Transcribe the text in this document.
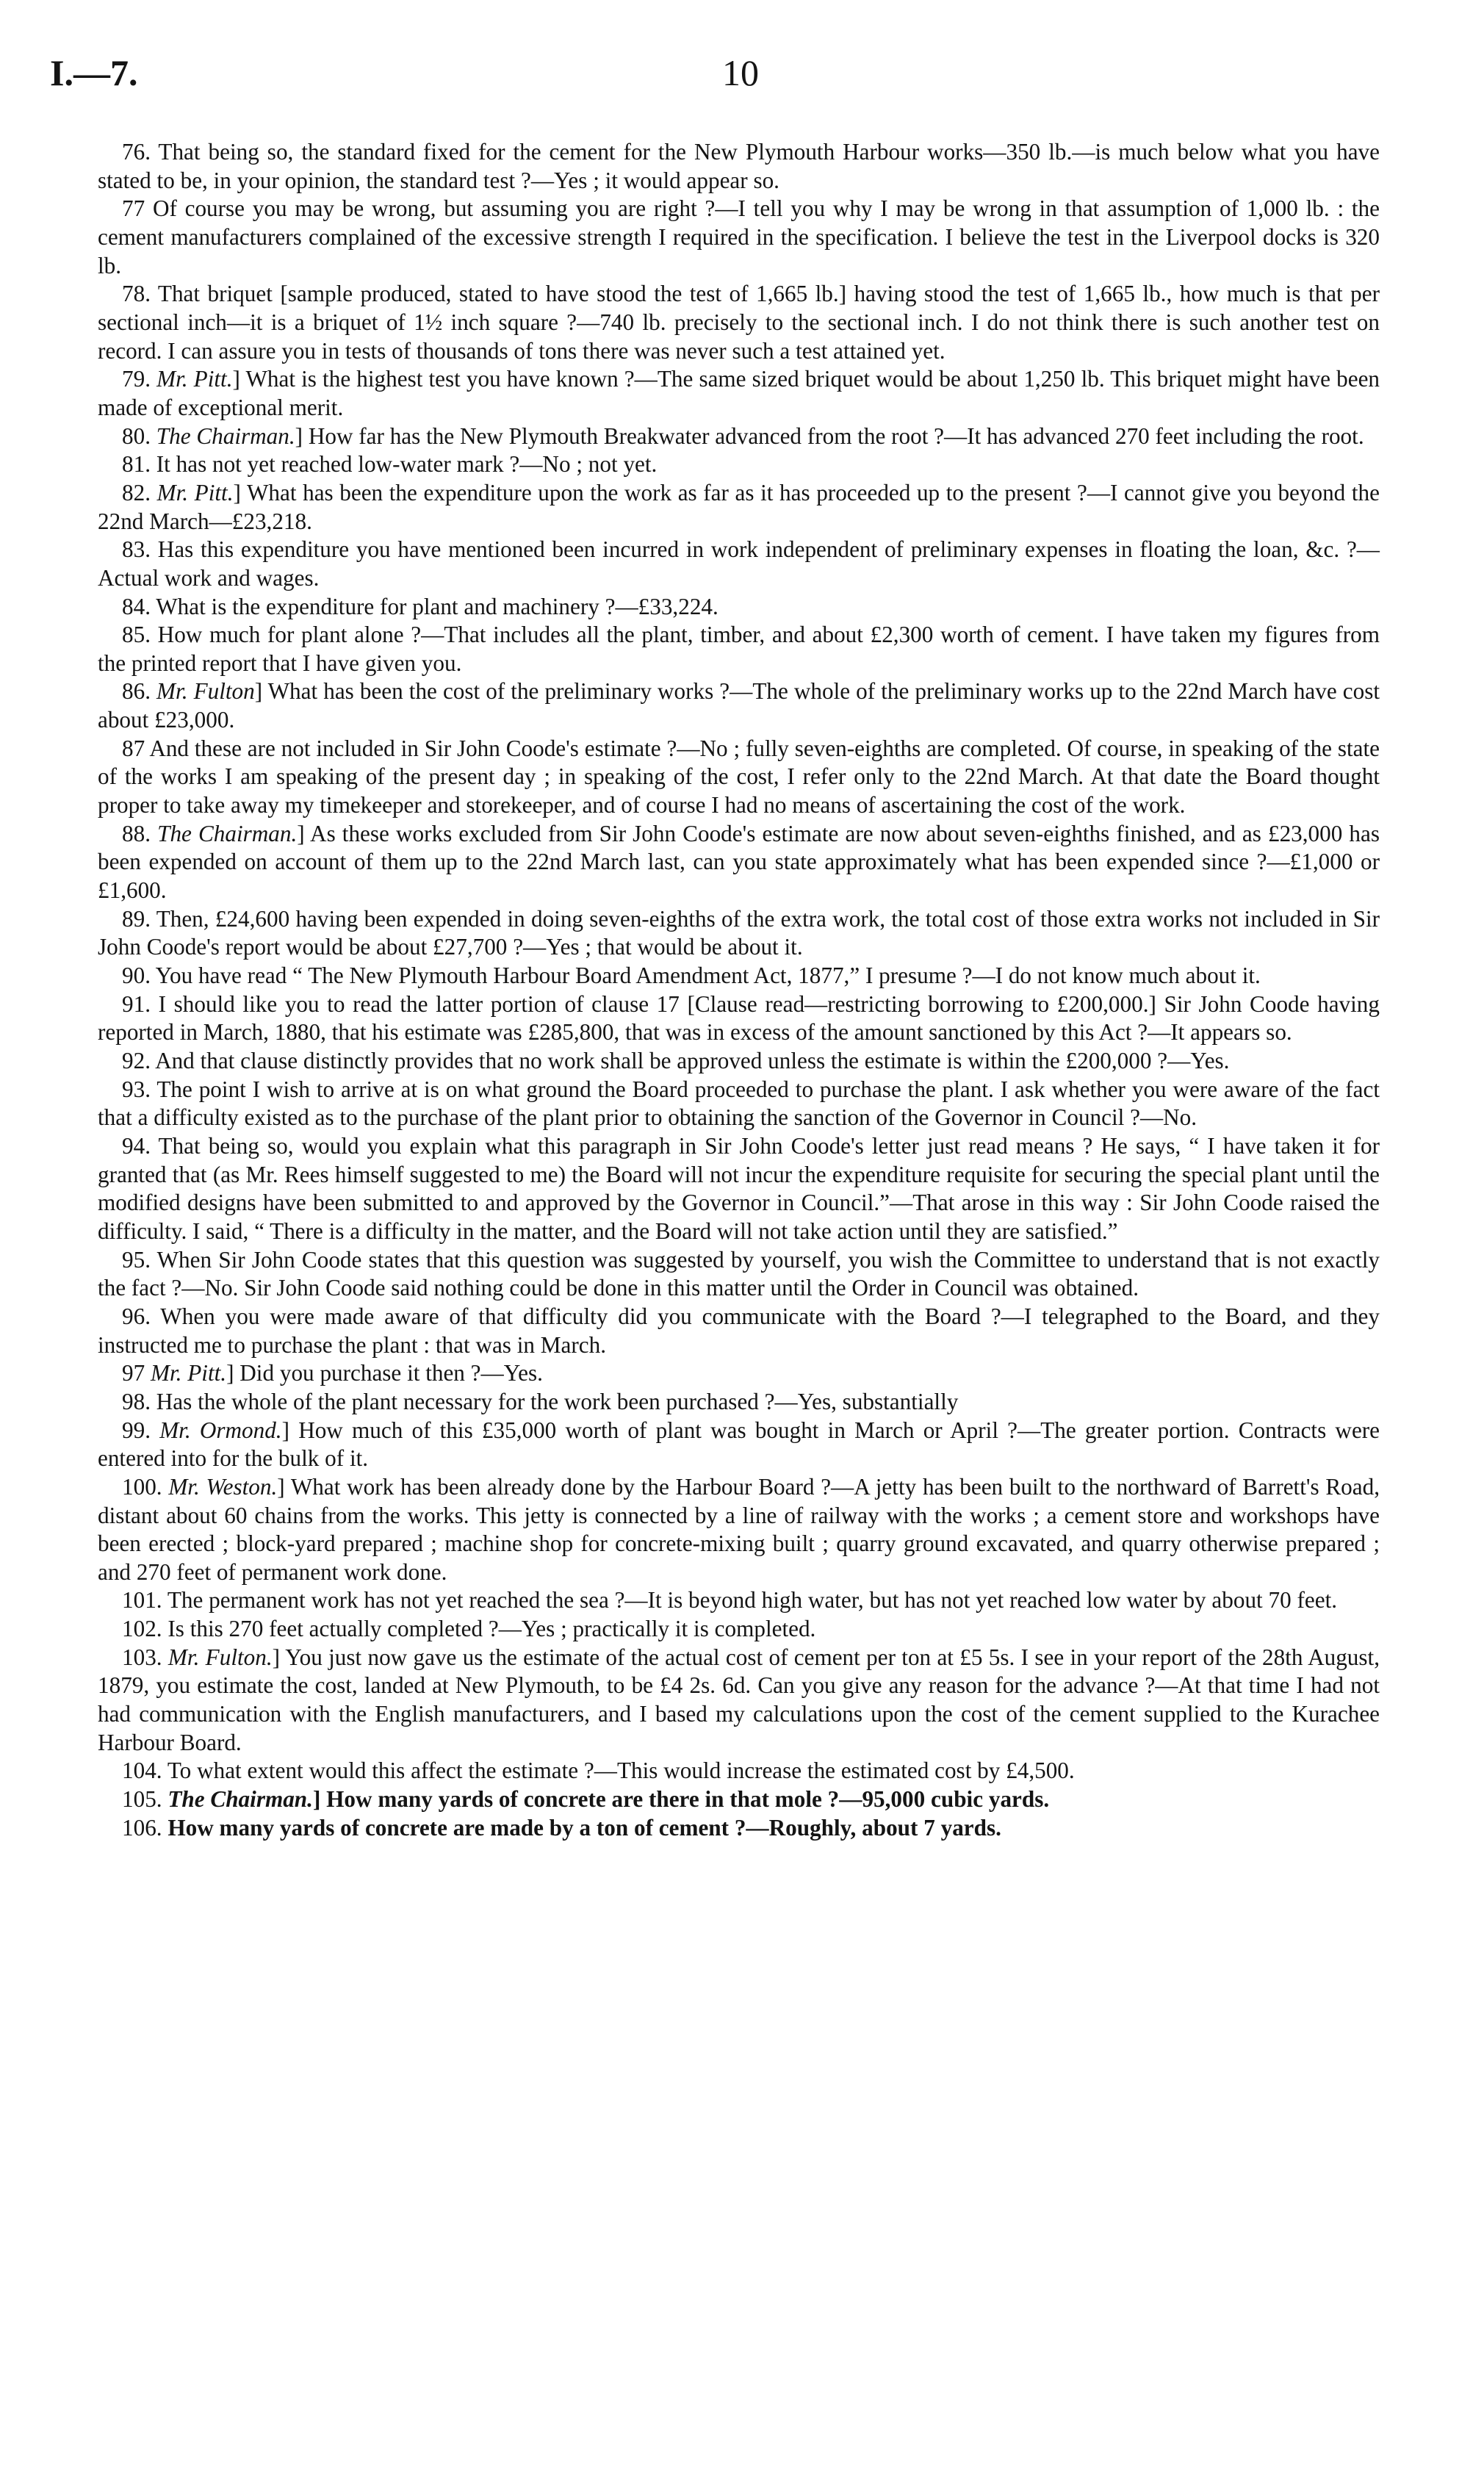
I.—7.	10

76. That being so, the standard fixed for the cement for the New Plymouth Harbour works—350 lb.—is much below what you have stated to be, in your opinion, the standard test ?—Yes ; it would appear so.

77 Of course you may be wrong, but assuming you are right ?—I tell you why I may be wrong in that assumption of 1,000 lb. : the cement manufacturers complained of the excessive strength I required in the specification. I believe the test in the Liverpool docks is 320 lb.

78. That briquet [sample produced, stated to have stood the test of 1,665 lb.] having stood the test of 1,665 lb., how much is that per sectional inch—it is a briquet of 1½ inch square ?—740 lb. precisely to the sectional inch. I do not think there is such another test on record. I can assure you in tests of thousands of tons there was never such a test attained yet.

79. Mr. Pitt.] What is the highest test you have known ?—The same sized briquet would be about 1,250 lb. This briquet might have been made of exceptional merit.

80. The Chairman.] How far has the New Plymouth Breakwater advanced from the root ?—It has advanced 270 feet including the root.

81. It has not yet reached low-water mark ?—No ; not yet.

82. Mr. Pitt.] What has been the expenditure upon the work as far as it has proceeded up to the present ?—I cannot give you beyond the 22nd March—£23,218.

83. Has this expenditure you have mentioned been incurred in work independent of preliminary expenses in floating the loan, &c. ?—Actual work and wages.

84. What is the expenditure for plant and machinery ?—£33,224.

85. How much for plant alone ?—That includes all the plant, timber, and about £2,300 worth of cement. I have taken my figures from the printed report that I have given you.

86. Mr. Fulton] What has been the cost of the preliminary works ?—The whole of the preliminary works up to the 22nd March have cost about £23,000.

87 And these are not included in Sir John Coode's estimate ?—No ; fully seven-eighths are completed. Of course, in speaking of the state of the works I am speaking of the present day ; in speaking of the cost, I refer only to the 22nd March. At that date the Board thought proper to take away my timekeeper and storekeeper, and of course I had no means of ascertaining the cost of the work.

88. The Chairman.] As these works excluded from Sir John Coode's estimate are now about seven-eighths finished, and as £23,000 has been expended on account of them up to the 22nd March last, can you state approximately what has been expended since ?—£1,000 or £1,600.

89. Then, £24,600 having been expended in doing seven-eighths of the extra work, the total cost of those extra works not included in Sir John Coode's report would be about £27,700 ?—Yes ; that would be about it.

90. You have read “ The New Plymouth Harbour Board Amendment Act, 1877,” I presume ?—I do not know much about it.

91. I should like you to read the latter portion of clause 17 [Clause read—restricting borrowing to £200,000.] Sir John Coode having reported in March, 1880, that his estimate was £285,800, that was in excess of the amount sanctioned by this Act ?—It appears so.

92. And that clause distinctly provides that no work shall be approved unless the estimate is within the £200,000 ?—Yes.

93. The point I wish to arrive at is on what ground the Board proceeded to purchase the plant. I ask whether you were aware of the fact that a difficulty existed as to the purchase of the plant prior to obtaining the sanction of the Governor in Council ?—No.

94. That being so, would you explain what this paragraph in Sir John Coode's letter just read means ? He says, “ I have taken it for granted that (as Mr. Rees himself suggested to me) the Board will not incur the expenditure requisite for securing the special plant until the modified designs have been submitted to and approved by the Governor in Council.”—That arose in this way : Sir John Coode raised the difficulty. I said, “ There is a difficulty in the matter, and the Board will not take action until they are satisfied.”

95. When Sir John Coode states that this question was suggested by yourself, you wish the Committee to understand that is not exactly the fact ?—No. Sir John Coode said nothing could be done in this matter until the Order in Council was obtained.

96. When you were made aware of that difficulty did you communicate with the Board ?—I telegraphed to the Board, and they instructed me to purchase the plant : that was in March.

97 Mr. Pitt.] Did you purchase it then ?—Yes.

98. Has the whole of the plant necessary for the work been purchased ?—Yes, substantially

99. Mr. Ormond.] How much of this £35,000 worth of plant was bought in March or April ?—The greater portion. Contracts were entered into for the bulk of it.

100. Mr. Weston.] What work has been already done by the Harbour Board ?—A jetty has been built to the northward of Barrett's Road, distant about 60 chains from the works. This jetty is connected by a line of railway with the works ; a cement store and workshops have been erected ; block-yard prepared ; machine shop for concrete-mixing built ; quarry ground excavated, and quarry otherwise prepared ; and 270 feet of permanent work done.

101. The permanent work has not yet reached the sea ?—It is beyond high water, but has not yet reached low water by about 70 feet.

102. Is this 270 feet actually completed ?—Yes ; practically it is completed.

103. Mr. Fulton.] You just now gave us the estimate of the actual cost of cement per ton at £5 5s. I see in your report of the 28th August, 1879, you estimate the cost, landed at New Plymouth, to be £4 2s. 6d. Can you give any reason for the advance ?—At that time I had not had communication with the English manufacturers, and I based my calculations upon the cost of the cement supplied to the Kurachee Harbour Board.

104. To what extent would this affect the estimate ?—This would increase the estimated cost by £4,500.

105. The Chairman.] How many yards of concrete are there in that mole ?—95,000 cubic yards.

106. How many yards of concrete are made by a ton of cement ?—Roughly, about 7 yards.
